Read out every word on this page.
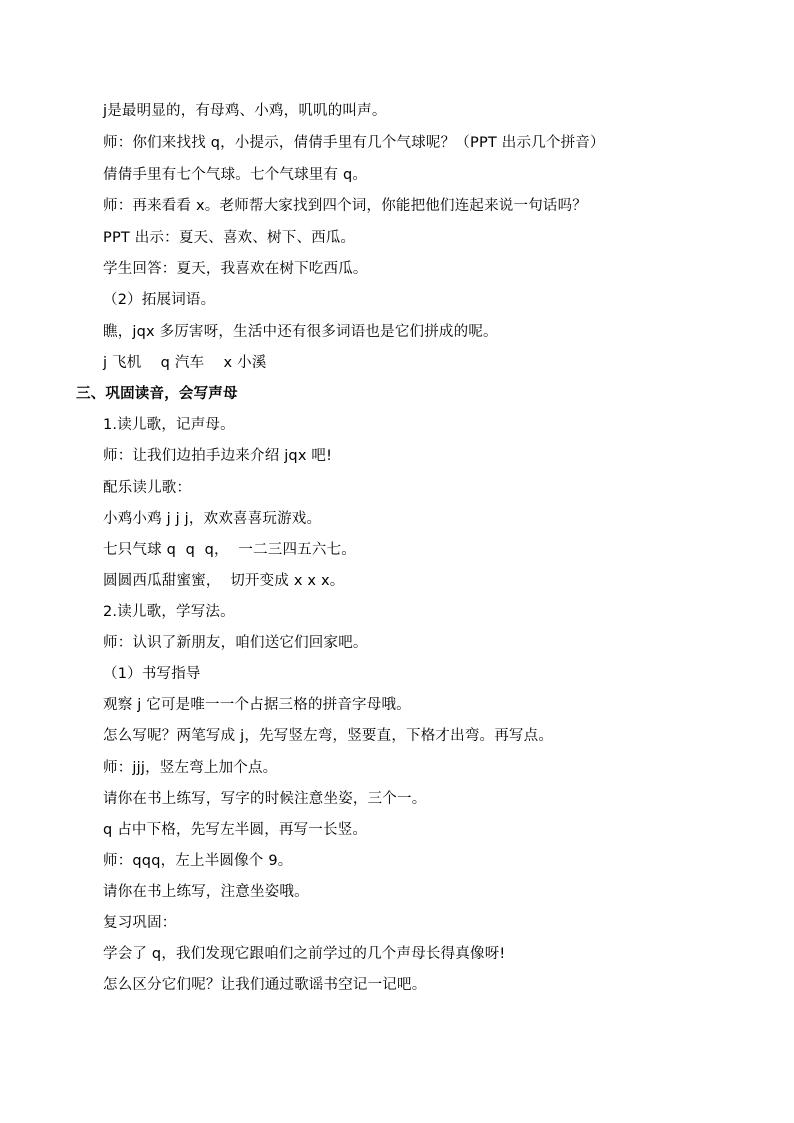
j是最明显的，有母鸡、小鸡，叽叽的叫声。
师：你们来找找 q，小提示，倩倩手里有几个气球呢？（PPT 出示几个拼音）
倩倩手里有七个气球。七个气球里有 q。
师：再来看看 x。老师帮大家找到四个词，你能把他们连起来说一句话吗？
PPT 出示：夏天、喜欢、树下、西瓜。
学生回答：夏天，我喜欢在树下吃西瓜。
（2）拓展词语。
瞧，jqx 多厉害呀，生活中还有很多词语也是它们拼成的呢。
j 飞机    q 汽车    x 小溪
三、巩固读音，会写声母
1.读儿歌，记声母。
师：让我们边拍手边来介绍 jqx 吧!
配乐读儿歌：
小鸡小鸡 j j j，欢欢喜喜玩游戏。
七只气球 q  q  q，  一二三四五六七。
圆圆西瓜甜蜜蜜，  切开变成 x x x。
2.读儿歌，学写法。
师：认识了新朋友，咱们送它们回家吧。
（1）书写指导
观察 j 它可是唯一一个占据三格的拼音字母哦。
怎么写呢？两笔写成 j，先写竖左弯，竖要直，下格才出弯。再写点。
师：jjj，竖左弯上加个点。
请你在书上练写，写字的时候注意坐姿，三个一。
q 占中下格，先写左半圆，再写一长竖。
师：qqq，左上半圆像个 9。
请你在书上练写，注意坐姿哦。
复习巩固：
学会了 q，我们发现它跟咱们之前学过的几个声母长得真像呀!
怎么区分它们呢？让我们通过歌谣书空记一记吧。
